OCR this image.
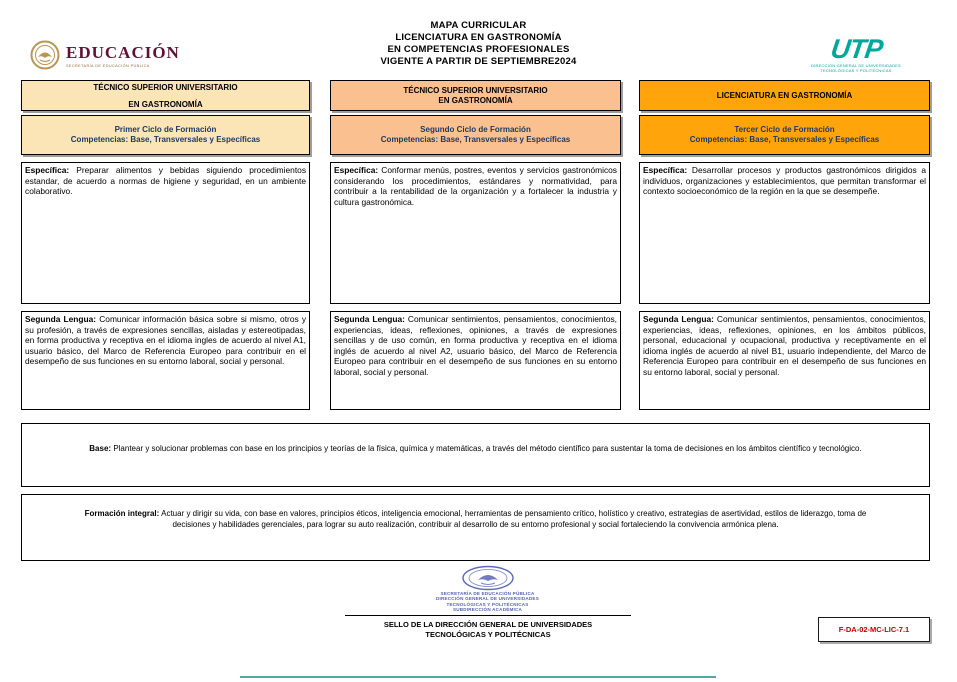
MAPA CURRICULAR
LICENCIATURA EN GASTRONOMÍA
EN COMPETENCIAS PROFESIONALES
VIGENTE A PARTIR DE SEPTIEMBRE2024
EDUCACIÓN
SECRETARÍA DE EDUCACIÓN PÚBLICA
UTP
DIRECCIÓN GENERAL DE UNIVERSIDADES
TECNOLÓGICAS Y POLITÉCNICAS
TÉCNICO SUPERIOR UNIVERSITARIO
EN GASTRONOMÍA
Primer Ciclo de Formación
Competencias: Base, Transversales y Específicas

Específica: Preparar alimentos y bebidas siguiendo procedimientos estandar, de acuerdo a normas de higiene y seguridad, en un ambiente colaborativo.

Segunda Lengua: Comunicar información básica sobre si mismo, otros y su profesión, a través de expresiones sencillas, aisladas y estereotipadas, en forma productiva y receptiva en el idioma ingles de acuerdo al nivel A1, usuario básico, del Marco de Referencia Europeo para contribuir en el desempeño de sus funciones en su entorno laboral, social y personal.

TÉCNICO SUPERIOR UNIVERSITARIO
EN GASTRONOMÍA
Segundo Ciclo de Formación
Competencias: Base, Transversales y Específicas

Específica: Conformar menús, postres, eventos y servicios gastronómicos considerando los procedimientos, estándares y normatividad, para contribuir a la rentabilidad de la organización y a fortalecer la industria y cultura gastronómica.

Segunda Lengua: Comunicar sentimientos, pensamientos, conocimientos, experiencias, ideas, reflexiones, opiniones, a través de expresiones sencillas y de uso común, en forma productiva y receptiva en el idioma inglés de acuerdo al nivel A2, usuario básico, del Marco de Referencia Europeo para contribuir en el desempeño de sus funciones en su entorno laboral, social y personal.

LICENCIATURA EN GASTRONOMÍA
Tercer Ciclo de Formación
Competencias: Base, Transversales y Específicas

Específica: Desarrollar procesos y productos gastronómicos dirigidos a individuos, organizaciones y establecimientos, que permitan transformar el contexto socioeconómico de la región en la que se desempeñe.

Segunda Lengua: Comunicar sentimientos, pensamientos, conocimientos, experiencias, ideas, reflexiones, opiniones, en los ámbitos públicos, personal, educacional y ocupacional, productiva y receptivamente en el idioma inglés de acuerdo al nivel B1, usuario independiente, del Marco de Referencia Europeo para contribuir en el desempeño de sus funciones en su entorno laboral, social y personal.

Base: Plantear y solucionar problemas con base en los principios y teorías de la física, química y matemáticas, a través del método científico para sustentar la toma de decisiones en los ámbitos científico y tecnológico.

Formación integral: Actuar y dirigir su vida, con base en valores, principios éticos, inteligencia emocional, herramientas de pensamiento crítico, holístico y creativo, estrategias de asertividad, estilos de liderazgo, toma de decisiones y habilidades gerenciales, para lograr su auto realización, contribuir al desarrollo de su entorno profesional y social fortaleciendo la convivencia armónica plena.

SECRETARÍA DE EDUCACIÓN PÚBLICA
DIRECCIÓN GENERAL DE UNIVERSIDADES
TECNOLÓGICAS Y POLITÉCNICAS
SUBDIRECCIÓN ACADÉMICA
SELLO DE LA DIRECCIÓN GENERAL DE UNIVERSIDADES
TECNOLÓGICAS Y POLITÉCNICAS	F-DA-02-MC-LIC-7.1
